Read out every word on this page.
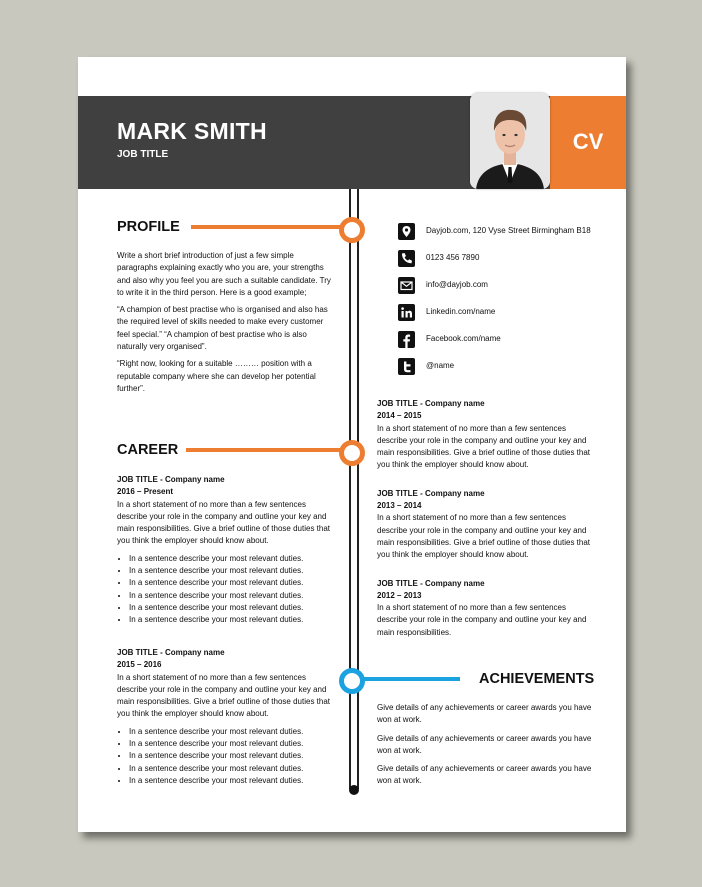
MARK SMITH
JOB TITLE
CV
PROFILE

Write a short brief introduction of just a few simple paragraphs explaining exactly who you are, your strengths and also why you feel you are such a suitable candidate. Try to write it in the third person. Here is a good example;

“A champion of best practise who is organised and also has the required level of skills needed to make every customer feel special.” “A champion of best practise who is also naturally very organised”.

“Right now, looking for a suitable ……… position with a reputable company where she can develop her potential further”.

Dayjob.com, 120 Vyse Street Birmingham B18
0123 456 7890
info@dayjob.com
Linkedin.com/name
Facebook.com/name
@name
CAREER
JOB TITLE - Company name
2016 – Present
In a short statement of no more than a few sentences describe your role in the company and outline your key and main responsibilities. Give a brief outline of those duties that you think the employer should know about.
• In a sentence describe your most relevant duties.
• In a sentence describe your most relevant duties.
• In a sentence describe your most relevant duties.
• In a sentence describe your most relevant duties.
• In a sentence describe your most relevant duties.
• In a sentence describe your most relevant duties.
JOB TITLE - Company name
2015 – 2016
In a short statement of no more than a few sentences describe your role in the company and outline your key and main responsibilities. Give a brief outline of those duties that you think the employer should know about.
• In a sentence describe your most relevant duties.
• In a sentence describe your most relevant duties.
• In a sentence describe your most relevant duties.
• In a sentence describe your most relevant duties.
• In a sentence describe your most relevant duties.
JOB TITLE - Company name
2014 – 2015
In a short statement of no more than a few sentences describe your role in the company and outline your key and main responsibilities. Give a brief outline of those duties that you think the employer should know about.
JOB TITLE - Company name
2013 – 2014
In a short statement of no more than a few sentences describe your role in the company and outline your key and main responsibilities. Give a brief outline of those duties that you think the employer should know about.
JOB TITLE - Company name
2012 – 2013
In a short statement of no more than a few sentences describe your role in the company and outline your key and main responsibilities.
ACHIEVEMENTS

Give details of any achievements or career awards you have won at work.

Give details of any achievements or career awards you have won at work.

Give details of any achievements or career awards you have won at work.
